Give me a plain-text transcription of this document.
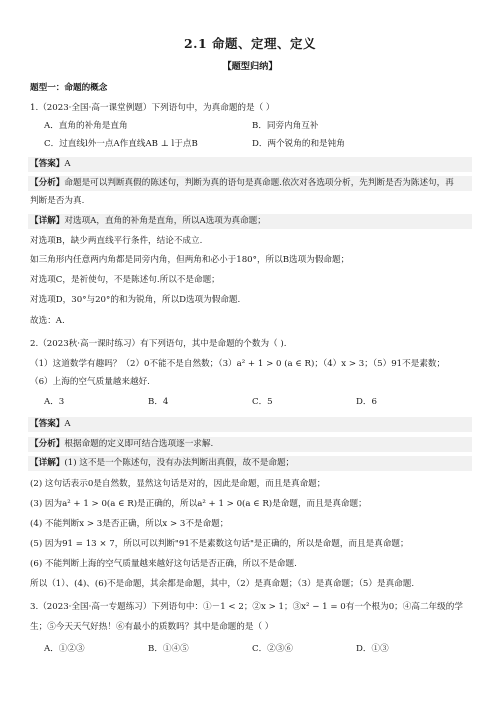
2.1 命题、定理、定义
【题型归纳】
题型一：命题的概念
1.（2023·全国·高一课堂例题）下列语句中，为真命题的是（ ）
A．直角的补角是直角	B．同旁内角互补
C．过直线l外一点A作直线AB ⊥ l于点B	D．两个锐角的和是钝角
【答案】A
【分析】命题是可以判断真假的陈述句，判断为真的语句是真命题.依次对各选项分析，先判断是否为陈述句，再
判断是否为真.
【详解】对选项A，直角的补角是直角，所以A选项为真命题；
对选项B，缺少两直线平行条件，结论不成立.
如三角形内任意两内角都是同旁内角，但两角和必小于180°，所以B选项为假命题；
对选项C，是祈使句，不是陈述句.所以不是命题；
对选项D，30°与20°的和为锐角，所以D选项为假命题.
故选：A.
2.（2023秋·高一课时练习）有下列语句，其中是命题的个数为（ ).
（1）这道数学有趣吗？（2）0不能不是自然数；（3）a² + 1 > 0 (a ∈ R)；（4）x > 3；（5）91不是素数；
（6）上海的空气质量越来越好.
A．3	B．4	C．5	D．6
【答案】A
【分析】根据命题的定义即可结合选项逐一求解.
【详解】(1) 这不是一个陈述句，没有办法判断出真假，故不是命题；
(2) 这句话表示0是自然数，显然这句话是对的，因此是命题，而且是真命题；
(3) 因为a² + 1 > 0(a ∈ R)是正确的，所以a² + 1 > 0(a ∈ R)是命题，而且是真命题；
(4) 不能判断x > 3是否正确，所以x > 3不是命题；
(5) 因为91 = 13 × 7，所以可以判断"91不是素数这句话"是正确的，所以是命题，而且是真命题；
(6) 不能判断上海的空气质量越来越好这句话是否正确，所以不是命题.
所以（1）、(4)、(6)不是命题，其余都是命题，其中，（2）是真命题；（3）是真命题；（5）是真命题.
3.（2023·全国·高一专题练习）下列语句中：①－1 < 2；②x > 1；③x² − 1 = 0有一个根为0；④高二年级的学
生；⑤今天天气好热！⑥有最小的质数吗？其中是命题的是（ ）
A．①②③	B．①④⑤	C．②③⑥	D．①③
